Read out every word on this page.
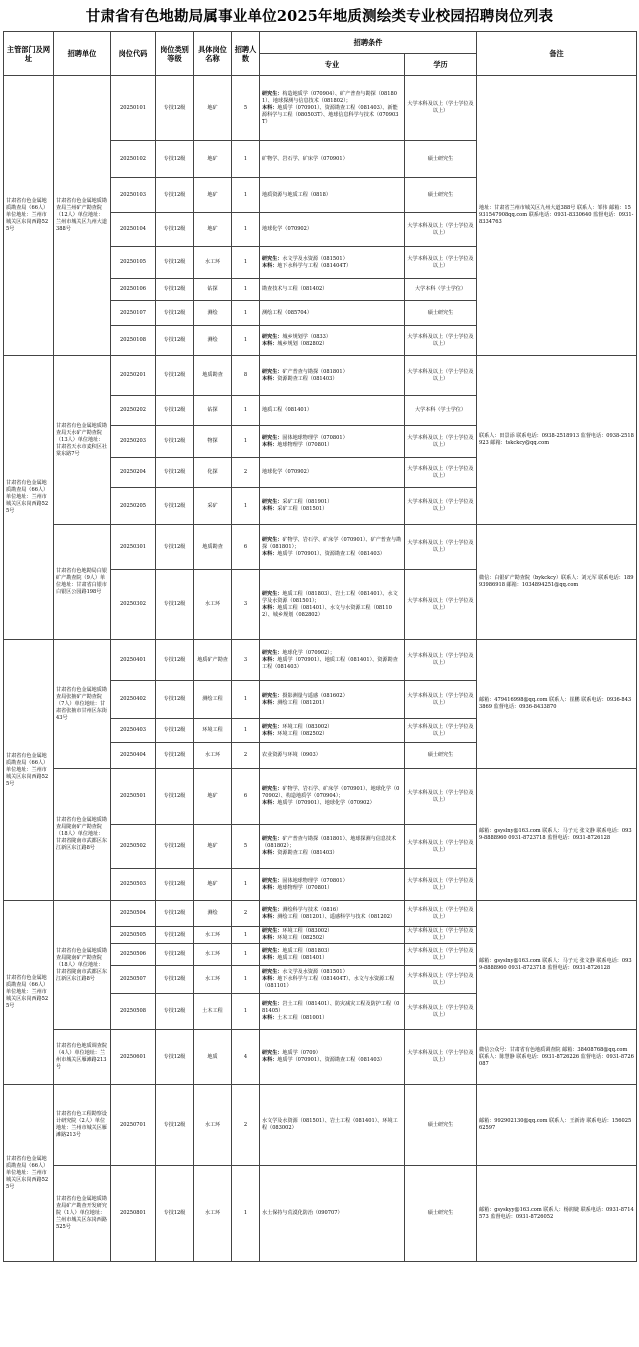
甘肃省有色地勘局属事业单位2025年地质测绘类专业校园招聘岗位列表
主管部门及网址	招聘单位	岗位代码	岗位类别等级	具体岗位名称	招聘人数	招聘条件		备注
						专业	学历	
甘肃省有色金属地质勘查局（66人）单位地址：兰州市城关区东岗西路525号	甘肃省有色金属地质勘查局兰州矿产勘查院（12人）单位地址：兰州市城关区九州大道388号	20250101	专技12级	地矿	5	研究生：构造地质学（070904）、矿产普查与勘探（081801）、地球探测与信息技术（081802）；
本科：地质学（070901）、资源勘查工程（081403）、新能源科学与工程（080503T）、地球信息科学与技术（070903T）	大学本科及以上（学士学位及以上）	地址：甘肃省兰州市城关区九州大道388号 联系人：邹伟 邮箱：15931547908qq.com 联系电话：0931-8330640 监督电话：0931-8334763
		20250102	专技12级	地矿	1	矿物学、岩石学、矿床学（070901）	硕士研究生	
		20250103	专技12级	地矿	1	地质资源与地质工程（0818）	硕士研究生	
		20250104	专技12级	地矿	1	地球化学（070902）	大学本科及以上（学士学位及以上）	
		20250105	专技12级	水工环	1	研究生：水文学及水资源（081501）
本科：地下水科学与工程（081404T）	大学本科及以上（学士学位及以上）	
		20250106	专技12级	钻探	1	勘查技术与工程（081402）	大学本科（学士学位）	
		20250107	专技12级	测绘	1	测绘工程（085704）	硕士研究生	
		20250108	专技12级	测绘	1	研究生：城乡规划学（0833）
本科：城乡规划（082802）	大学本科及以上（学士学位及以上）	
甘肃省有色金属地质勘查局（66人）单位地址：兰州市城关区东岗西路525号	甘肃省有色金属地质勘查局天水矿产勘查院（13人）单位地址：甘肃省天水市麦积区社棠东路7号	20250201	专技12级	地质勘查	8	研究生：矿产普查与勘探（081801）
本科：资源勘查工程（081403）	大学本科及以上（学士学位及以上）	联系人：田景添 联系电话：0938-2518913 监督电话：0938-2518923 邮箱：tskckcy@qq.com
		20250202	专技12级	钻探	1	地质工程（081401）	大学本科（学士学位）	
		20250203	专技12级	物探	1	研究生：固体地球物理学（070801）
本科：地球物理学（070801）	大学本科及以上（学士学位及以上）	
		20250204	专技12级	化探	2	地球化学（070902）	大学本科及以上（学士学位及以上）	
		20250205	专技12级	采矿	1	研究生：采矿工程（081901）
本科：采矿工程（081501）	大学本科及以上（学士学位及以上）	
	甘肃省有色地勘局白银矿产勘查院（9人）单位地址：甘肃省白银市白银区公园路198号	20250301	专技12级	地质勘查	6	研究生：矿物学、岩石学、矿床学（070901）、矿产普查与勘探（081801）；
本科：地质学（070901）、资源勘查工程（081403）	大学本科及以上（学士学位及以上）	微信：白银矿产勘查院（bykckcy）联系人：刘元军 联系电话：18993986918 邮箱：1034894251@qq.com
		20250302	专技12级	水工环	3	研究生：地质工程（081803）、岩土工程（081401）、水文学及水资源（081501）；
本科：地质工程（081401）、水文与水资源工程（081102）、城乡规划（082802）	大学本科及以上（学士学位及以上）	
甘肃省有色金属地质勘查局（66人）单位地址：兰州市城关区东岗西路525号	甘肃省有色金属地质勘查局张掖矿产勘查院（7人）单位地址：甘肃省张掖市甘州区东街43号	20250401	专技12级	地质矿产勘查	3	研究生：地球化学（070902）；
本科：地质学（070901）、地质工程（081401）、资源勘查工程（081403）	大学本科及以上（学士学位及以上）	邮箱：479416998@qq.com 联系人：崔鹏 联系电话：0936-8433869 监督电话：0936-8433870
		20250402	专技12级	测绘工程	1	研究生：摄影测量与遥感（081602）
本科：测绘工程（081201）	大学本科及以上（学士学位及以上）	
		20250403	专技12级	环境工程	1	研究生：环境工程（083002）
本科：环境工程（082502）	大学本科及以上（学士学位及以上）	
		20250404	专技12级	水工环	2	农业资源与环境（0903）	硕士研究生	
	甘肃省有色金属地质勘查局陇南矿产勘查院（18人）单位地址：甘肃省陇南市武都区东江新区东江路8号	20250501	专技12级	地矿	6	研究生：矿物学、岩石学、矿床学（070901）、地球化学（070902）、构造地质学（070904）；
本科：地质学（070901）、地球化学（070902）	大学本科及以上（学士学位及以上）	邮箱：gsyslny@163.com 联系人：马子元 张文静 联系电话：0939-8888960 0931-8723718 监督电话：0931-8726128
		20250502	专技12级	地矿	5	研究生：矿产普查与勘探（081801）、地球探测与信息技术（081802）；
本科：资源勘查工程（081403）	大学本科及以上（学士学位及以上）	
		20250503	专技12级	地矿	1	研究生：固体地球物理学（070801）
本科：地球物理学（070801）	大学本科及以上（学士学位及以上）	
甘肃省有色金属地质勘查局（66人）单位地址：兰州市城关区东岗西路525号	甘肃省有色金属地质勘查局陇南矿产勘查院（18人）单位地址：甘肃省陇南市武都区东江新区东江路8号	20250504	专技12级	测绘	2	研究生：测绘科学与技术（0816）
本科：测绘工程（081201）、遥感科学与技术（081202）	大学本科及以上（学士学位及以上）	邮箱：gsyslny@163.com 联系人：马子元 张文静 联系电话：0939-8888960 0931-8723718 监督电话：0931-8726128
		20250505	专技12级	水工环	1	研究生：环境工程（083002）
本科：环境工程（082502）	大学本科及以上（学士学位及以上）	
		20250506	专技12级	水工环	1	研究生：地质工程（081803）
本科：地质工程（081401）	大学本科及以上（学士学位及以上）	
		20250507	专技12级	水工环	1	研究生：水文学及水资源（081501）
本科：地下水科学与工程（081404T）、水文与水资源工程（081101）	大学本科及以上（学士学位及以上）	
		20250508	专技12级	土木工程	1	研究生：岩土工程（081401）、防灾减灾工程及防护工程（081405）
本科：土木工程（081001）	大学本科及以上（学士学位及以上）	
	甘肃省有色地质调查院（4人）单位地址：兰州市城关区雁滩路213号	20250601	专技12级	地质	4	研究生：地质学（0709）
本科：地质学（070901）、资源勘查工程（081403）	大学本科及以上（学士学位及以上）	微信公众号：甘肃省有色地质调查院 邮箱：38408768@qq.com 联系人：陈慧静 联系电话：0931-8726226 监督电话：0931-8726087
甘肃省有色金属地质勘查局（66人）单位地址：兰州市城关区东岗西路525号	甘肃省有色工程勘察设计研究院（2人）单位地址：兰州市城关区雁滩路213号	20250701	专技12级	水工环	2	水文学及水资源（081501）、岩土工程（081401）、环境工程（083002）	硕士研究生	邮箱：992902130@qq.com 联系人：王新涛 联系电话：15602562597
	甘肃省有色金属地质勘查局矿产勘查开发研究院（1人）单位地址：兰州市城关区东岗西路525号	20250801	专技12级	水工环	1	水土保持与荒漠化防治（090707）	硕士研究生	邮箱：gsyskyy@163.com 联系人：杨润婕 联系电话：0931-8714573 监督电话：0931-8726052
